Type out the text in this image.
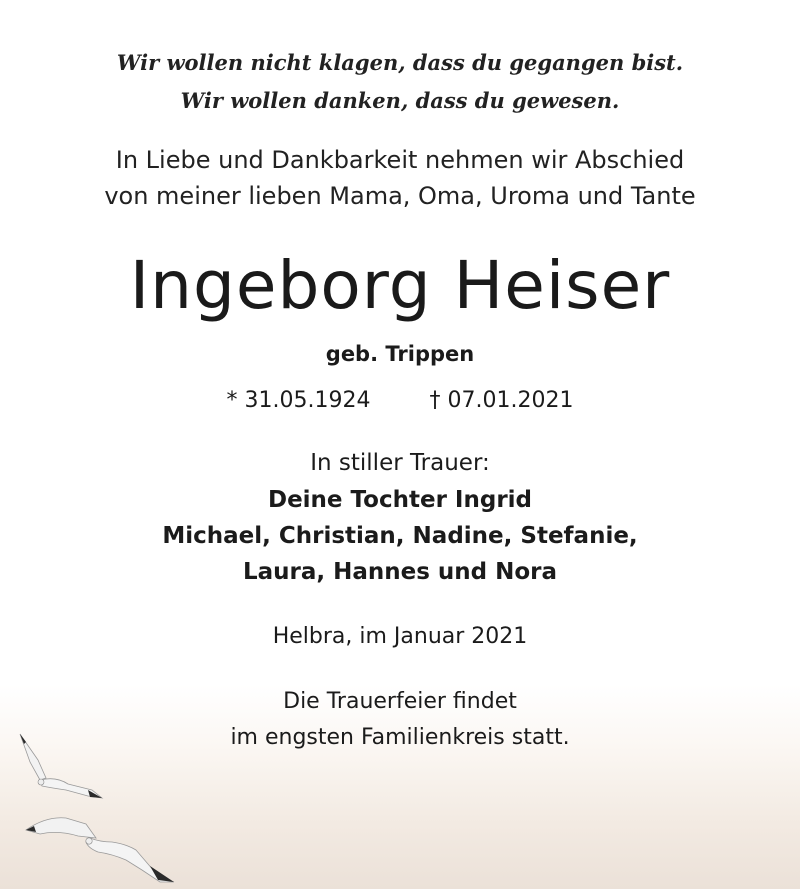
Wir wollen nicht klagen, dass du gegangen bist.
Wir wollen danken, dass du gewesen.
In Liebe und Dankbarkeit nehmen wir Abschied
von meiner lieben Mama, Oma, Uroma und Tante
Ingeborg Heiser
geb. Trippen
* 31.05.1924	† 07.01.2021
In stiller Trauer:
Deine Tochter Ingrid
Michael, Christian, Nadine, Stefanie,
Laura, Hannes und Nora
Helbra, im Januar 2021
Die Trauerfeier findet
im engsten Familienkreis statt.
